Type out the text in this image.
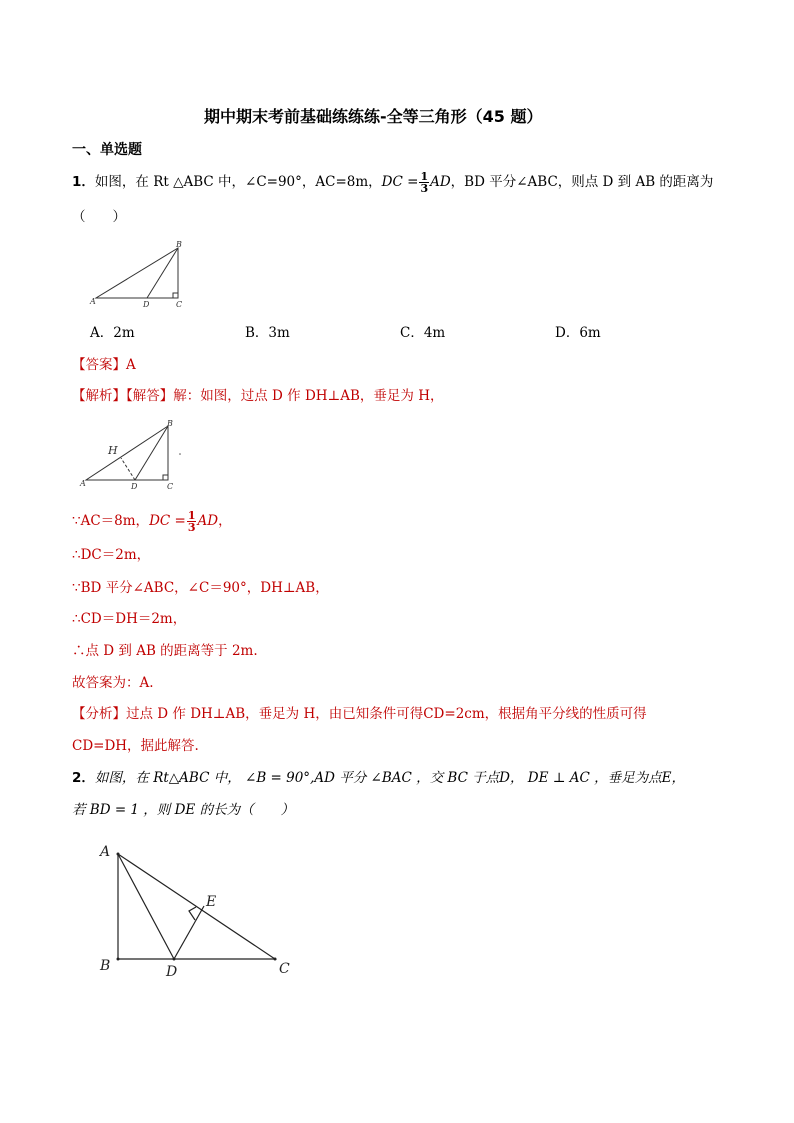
期中期末考前基础练练练-全等三角形（45 题）
一、单选题
1．如图，在 Rt △ABC 中，∠C=90°，AC=8m，DC = $\frac{1}{3}$ AD，BD 平分∠ABC，则点 D 到 AB 的距离为
（　　）
A
B
C
D
A．2m	B．3m	C．4m	D．6m
【答案】A
【解析】【解答】解：如图，过点 D 作 DH⊥AB，垂足为 H，
A
B
C
D
H
∵AC＝8m，DC = $\frac{1}{3}$ AD，
∴DC＝2m，
∵BD 平分∠ABC，∠C＝90°，DH⊥AB，
∴CD＝DH＝2m，
∴点 D 到 AB 的距离等于 2m.
故答案为：A.
【分析】过点 D 作 DH⊥AB，垂足为 H，由已知条件可得CD=2cm，根据角平分线的性质可得
CD=DH，据此解答.
2．如图，在 Rt△ABC 中， ∠B = 90°,AD 平分 ∠BAC ，交 BC 于点D， DE ⊥ AC ，垂足为点E，
若 BD = 1 ，则 DE 的长为（　　）
A
B	C
D
E
